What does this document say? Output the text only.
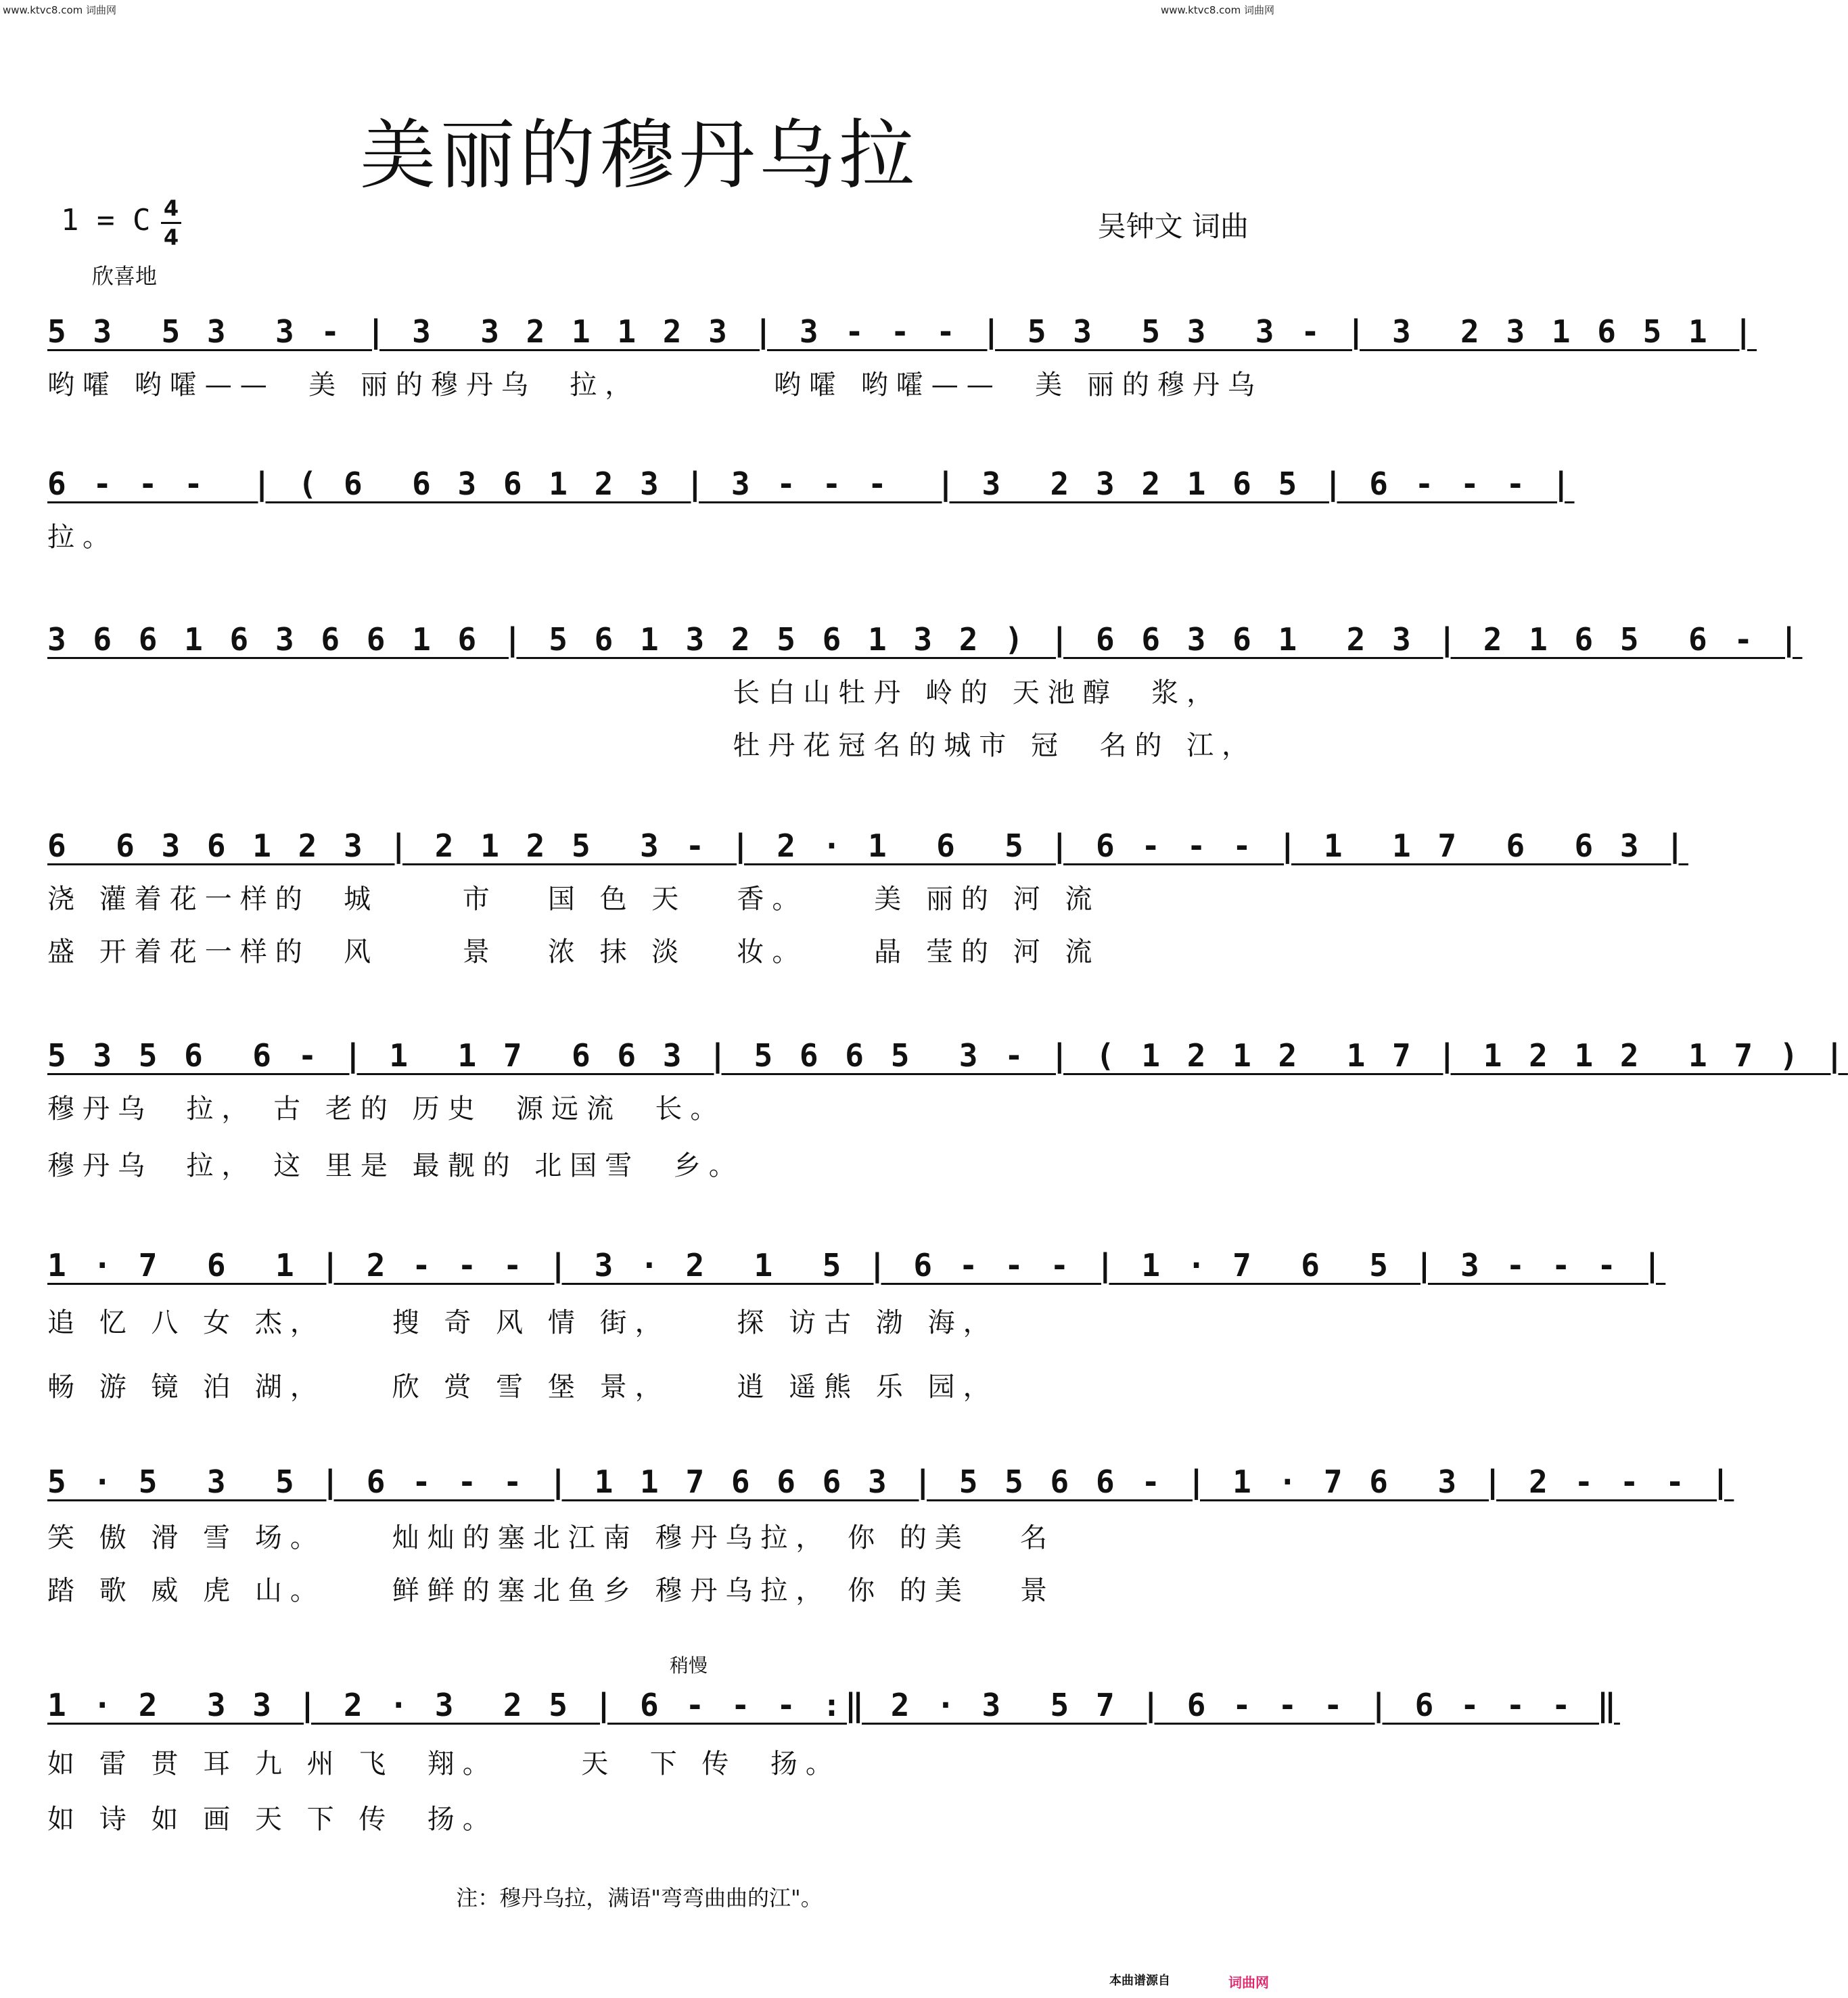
www.ktvc8.com 词曲网	www.ktvc8.com 词曲网
美丽的穆丹乌拉
1 = C 4
4
欣喜地
吴钟文 词曲
5 3  5 3  3 - | 3  3 2 1 1 2 3 | 3 - - - | 5 3  5 3  3 - | 3  2 3 1 6 5 1 |
哟嚯 哟嚯——  美 丽的穆丹乌  拉，        哟嚯 哟嚯——  美 丽的穆丹乌
6 - - -  | ( 6  6 3 6 1 2 3 | 3 - - -  | 3  2 3 2 1 6 5 | 6 - - - |
拉。
3 6 6 1 6 3 6 6 1 6 | 5 6 1 3 2 5 6 1 3 2 ) | 6 6 3 6 1  2 3 | 2 1 6 5  6 - |
长白山牡丹 岭的 天池醇  浆，
牡丹花冠名的城市 冠  名的 江，
6  6 3 6 1 2 3 | 2 1 2 5  3 - | 2 · 1  6  5 | 6 - - - | 1  1 7  6  6 3 |
浇 灌着花一样的  城     市   国 色 天   香。    美 丽的 河 流
盛 开着花一样的  风     景   浓 抹 淡   妆。    晶 莹的 河 流
5 3 5 6  6 - | 1  1 7  6 6 3 | 5 6 6 5  3 - | ( 1 2 1 2  1 7 | 1 2 1 2  1 7 ) |
穆丹乌  拉， 古 老的 历史  源远流  长。
穆丹乌  拉， 这 里是 最靓的 北国雪  乡。
1 · 7  6  1 | 2 - - - | 3 · 2  1  5 | 6 - - - | 1 · 7  6  5 | 3 - - - |
追 忆 八 女 杰，    搜 奇 风 情 街，    探 访古 渤 海，
畅 游 镜 泊 湖，    欣 赏 雪 堡 景，    逍 遥熊 乐 园，
5 · 5  3  5 | 6 - - - | 1 1 7 6 6 6 3 | 5 5 6 6 - | 1 · 7 6  3 | 2 - - - |
笑 傲 滑 雪 场。    灿灿的塞北江南 穆丹乌拉， 你 的美   名
踏 歌 威 虎 山。    鲜鲜的塞北鱼乡 穆丹乌拉， 你 的美   景
稍慢
1 · 2  3 3 | 2 · 3  2 5 | 6 - - - :‖ 2 · 3  5 7 | 6 - - - | 6 - - - ‖
如 雷 贯 耳 九 州 飞  翔。     天  下 传  扬。
如 诗 如 画 天 下 传  扬。
注：穆丹乌拉，满语"弯弯曲曲的江"。
本曲谱源自	词曲网
